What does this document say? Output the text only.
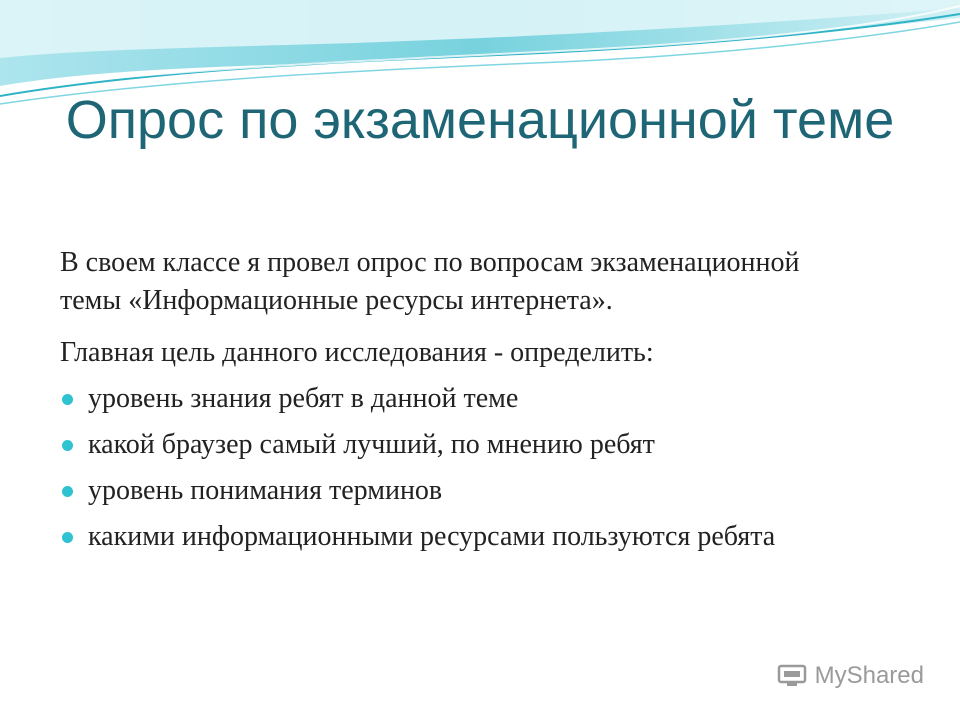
Опрос по экзаменационной теме

В своем классе я провел опрос по вопросам экзаменационной темы «Информационные ресурсы интернета».

Главная цель данного исследования - определить:

уровень знания ребят в данной теме
какой браузер самый лучший, по мнению ребят
уровень понимания терминов
какими информационными ресурсами пользуются ребята
MyShared
